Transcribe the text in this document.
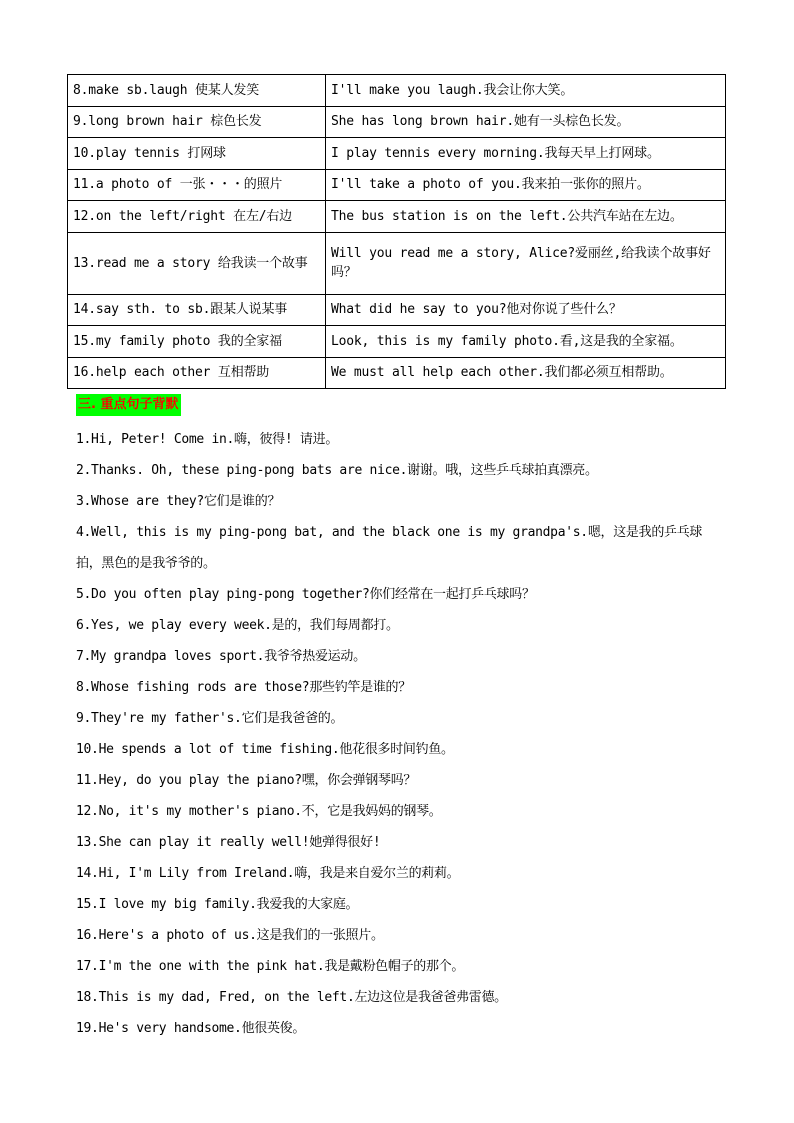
8.make sb.laugh 使某人发笑	I'll make you laugh.我会让你大笑。
9.long brown hair 棕色长发	She has long brown hair.她有一头棕色长发。
10.play tennis 打网球	I play tennis every morning.我每天早上打网球。
11.a photo of 一张・・・的照片	I'll take a photo of you.我来拍一张你的照片。
12.on the left/right 在左/右边	The bus station is on the left.公共汽车站在左边。
13.read me a story 给我读一个故事	Will you read me a story, Alice?爱丽丝,给我读个故事好吗？
14.say sth. to sb.跟某人说某事	What did he say to you?他对你说了些什么？
15.my family photo 我的全家福	Look, this is my family photo.看,这是我的全家福。
16.help each other 互相帮助	We must all help each other.我们都必须互相帮助。
三. 重点句子背默
1.Hi, Peter! Come in.嗨，彼得! 请进。
2.Thanks. Oh, these ping-pong bats are nice.谢谢。哦，这些乒乓球拍真漂亮。
3.Whose are they?它们是谁的？
4.Well, this is my ping-pong bat, and the black one is my grandpa's.嗯，这是我的乒乓球拍，黑色的是我爷爷的。
5.Do you often play ping-pong together?你们经常在一起打乒乓球吗？
6.Yes, we play every week.是的，我们每周都打。
7.My grandpa loves sport.我爷爷热爱运动。
8.Whose fishing rods are those?那些钓竿是谁的？
9.They're my father's.它们是我爸爸的。
10.He spends a lot of time fishing.他花很多时间钓鱼。
11.Hey, do you play the piano?嘿，你会弹钢琴吗？
12.No, it's my mother's piano.不，它是我妈妈的钢琴。
13.She can play it really well!她弹得很好!
14.Hi, I'm Lily from Ireland.嗨，我是来自爱尔兰的莉莉。
15.I love my big family.我爱我的大家庭。
16.Here's a photo of us.这是我们的一张照片。
17.I'm the one with the pink hat.我是戴粉色帽子的那个。
18.This is my dad, Fred, on the left.左边这位是我爸爸弗雷德。
19.He's very handsome.他很英俊。
